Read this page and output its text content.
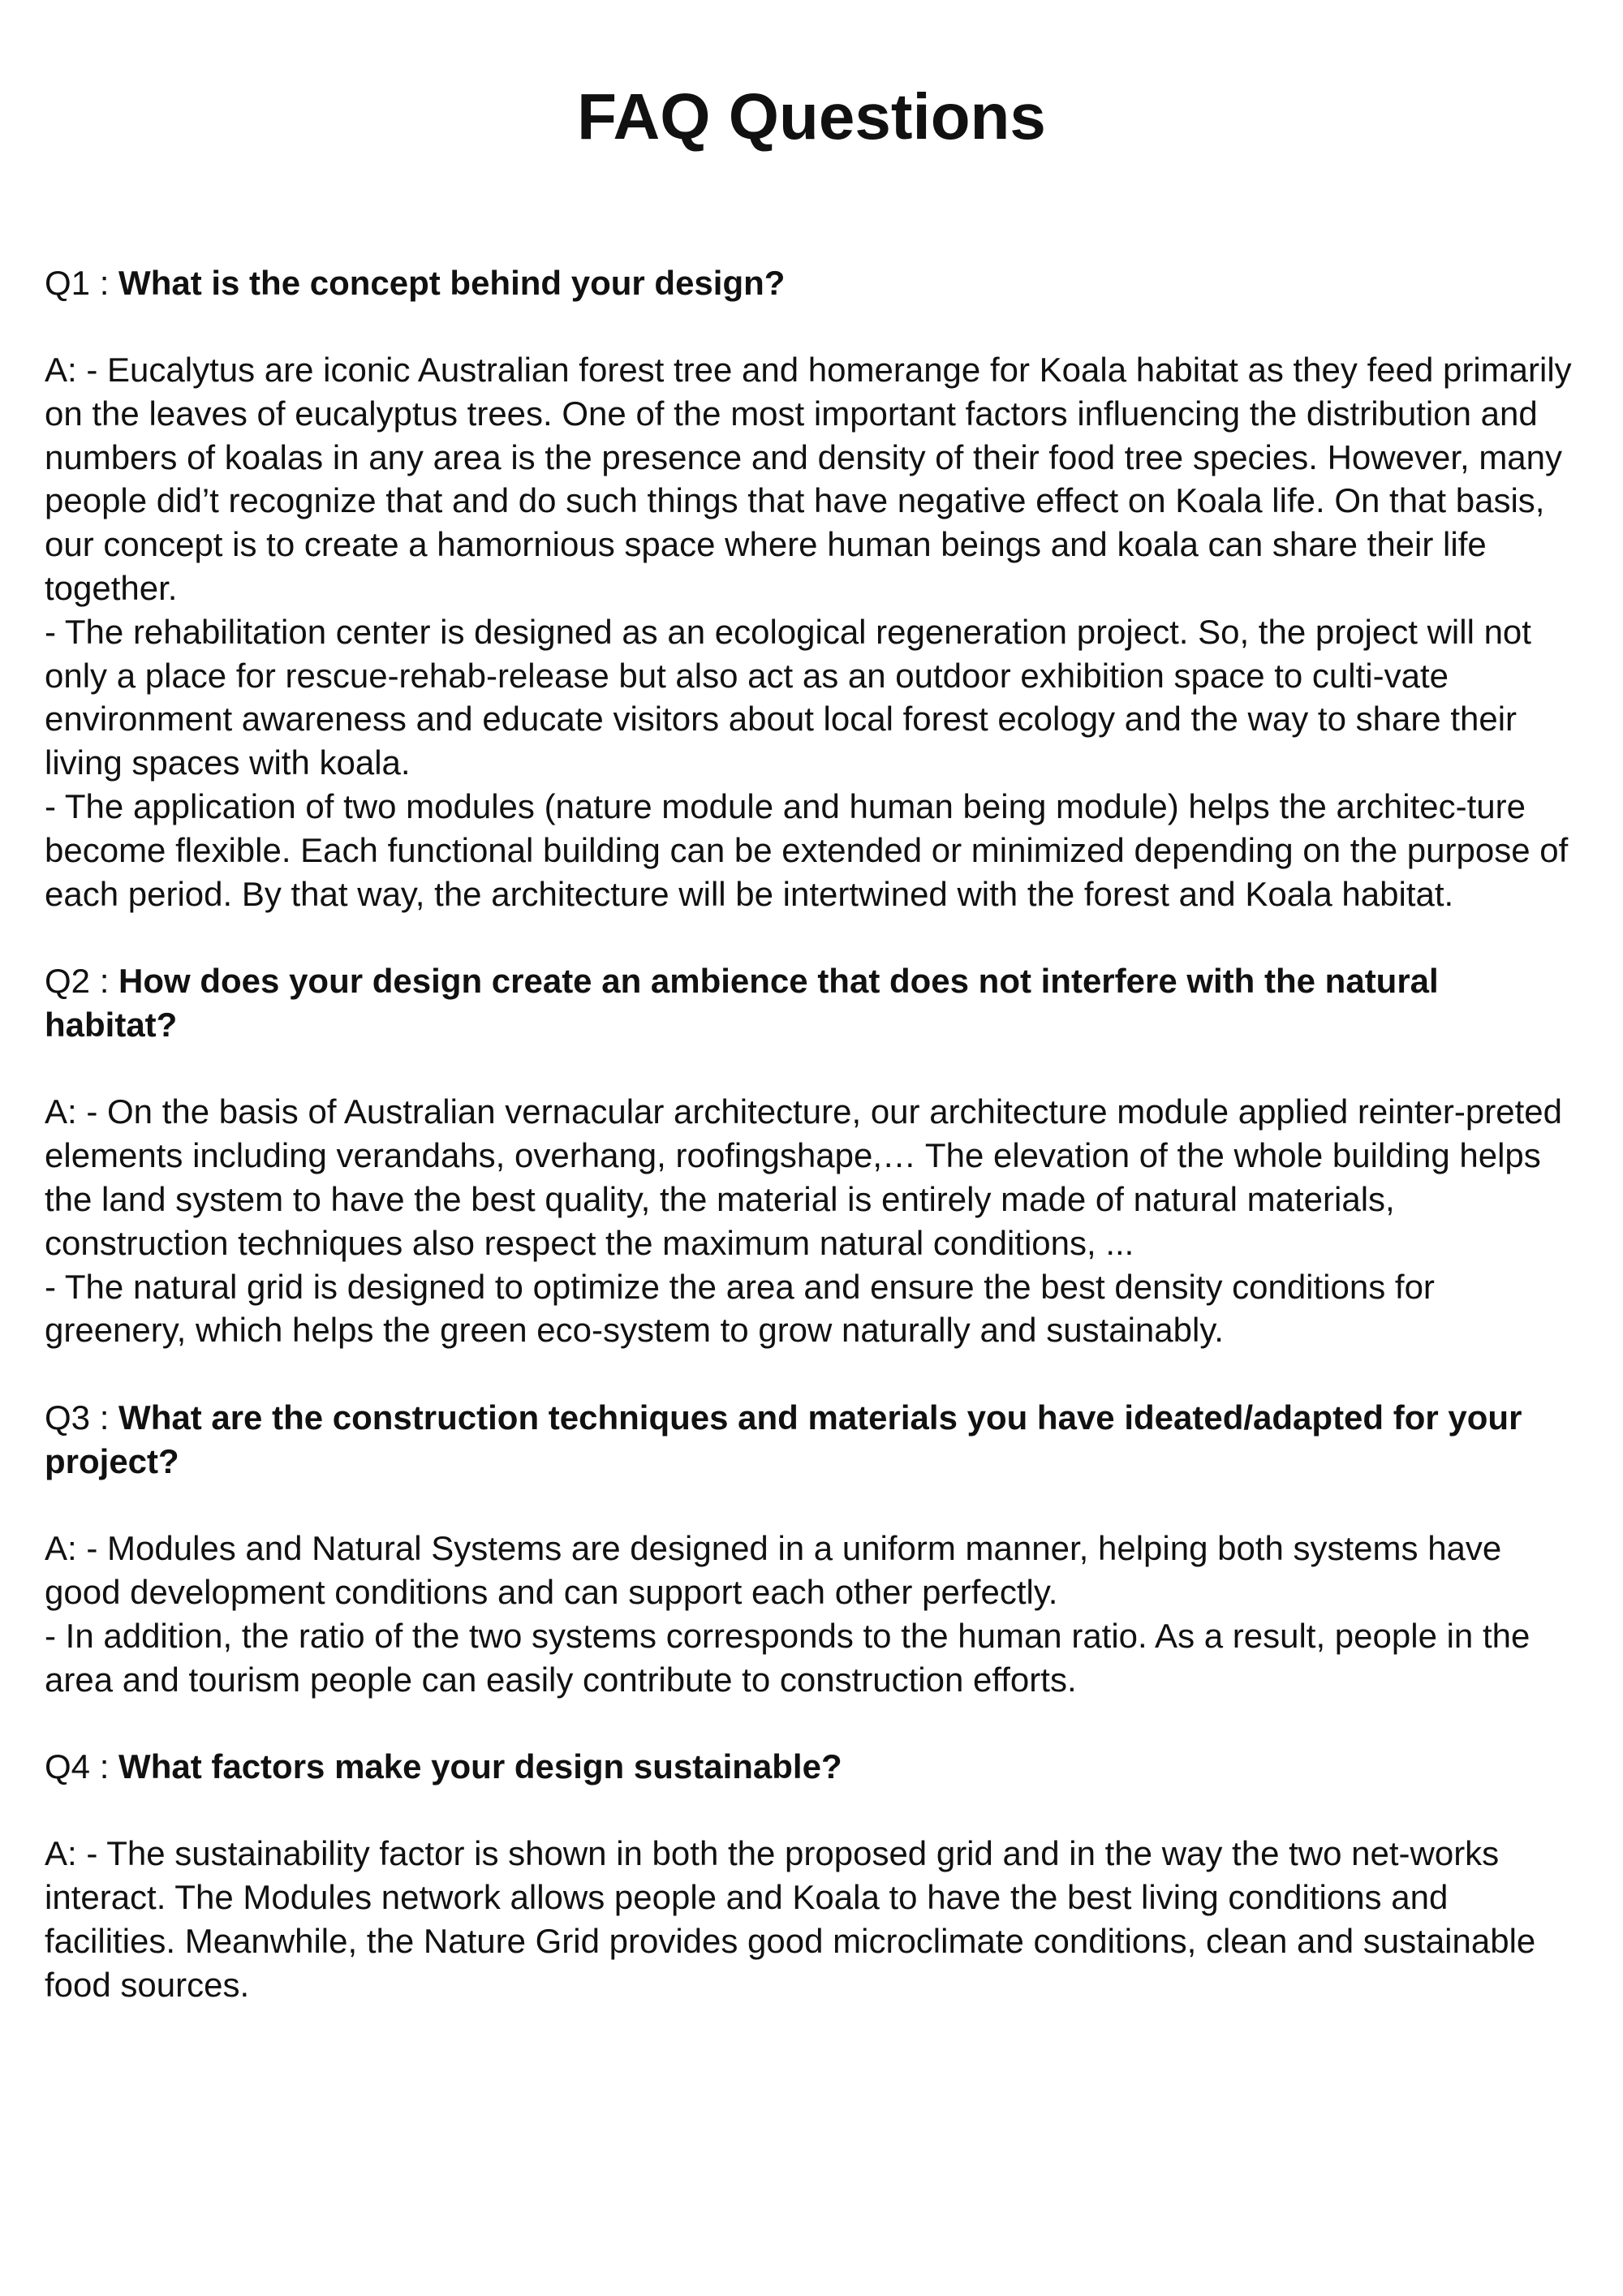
FAQ Questions
Q1 : What is the concept behind your design?

A: - Eucalytus are iconic Australian forest tree and homerange for Koala habitat as they feed primarily on the leaves of eucalyptus trees. One of the most important factors influencing the distribution and numbers of koalas in any area is the presence and density of their food tree species. However, many people did’t recognize that and do such things that have negative effect on Koala life. On that basis, our concept is to create a hamornious space where human beings and koala can share their life together.

- The rehabilitation center is designed as an ecological regeneration project. So, the project will not only a place for rescue-rehab-release but also act as an outdoor exhibition space to culti-vate environment awareness and educate visitors about local forest ecology and the way to share their living spaces with koala.

- The application of two modules (nature module and human being module) helps the architec-ture become flexible. Each functional building can be extended or minimized depending on the purpose of each period. By that way, the architecture will be intertwined with the forest and Koala habitat.

Q2 : How does your design create an ambience that does not interfere with the natural habitat?

A: - On the basis of Australian vernacular architecture, our architecture module applied reinter-preted elements including verandahs, overhang, roofingshape,… The elevation of the whole building helps the land system to have the best quality, the material is entirely made of natural materials, construction techniques also respect the maximum natural conditions, ...

- The natural grid is designed to optimize the area and ensure the best density conditions for greenery, which helps the green eco-system to grow naturally and sustainably.

Q3 : What are the construction techniques and materials you have ideated/adapted for your project?

A: - Modules and Natural Systems are designed in a uniform manner, helping both systems have good development conditions and can support each other perfectly.

- In addition, the ratio of the two systems corresponds to the human ratio. As a result, people in the area and tourism people can easily contribute to construction efforts.

Q4 : What factors make your design sustainable?

A: - The sustainability factor is shown in both the proposed grid and in the way the two net-works interact. The Modules network allows people and Koala to have the best living conditions and facilities. Meanwhile, the Nature Grid provides good microclimate conditions, clean and sustainable food sources.
